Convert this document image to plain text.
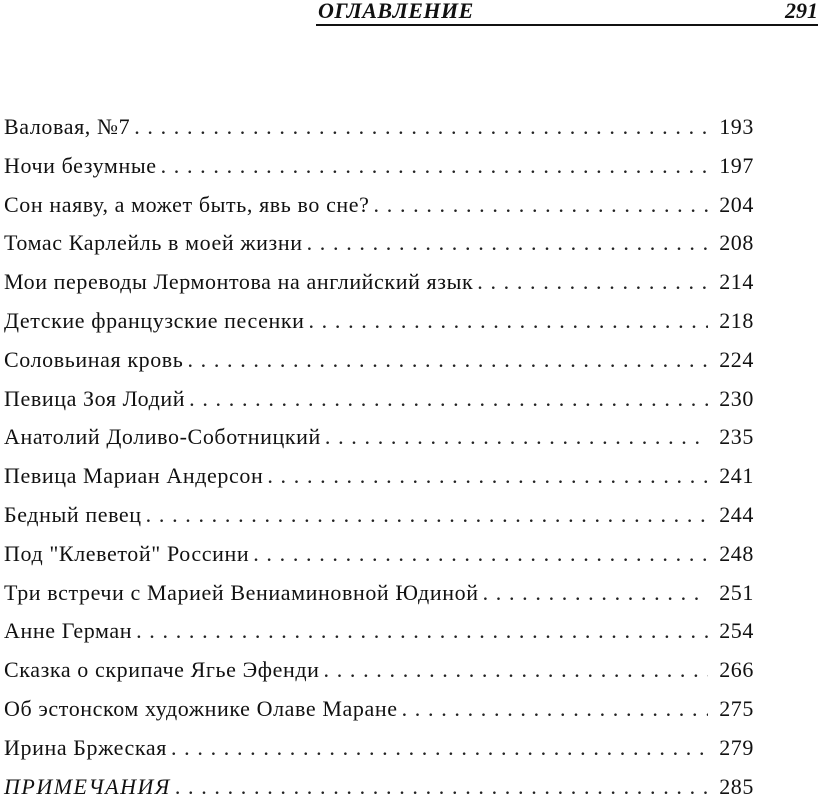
ОГЛАВЛЕНИЕ	291
Валовая, №7 . . .	193
Ночи безумные . . .	197
Сон наяву, а может быть, явь во сне? . . .	204
Томас Карлейль в моей жизни . . .	208
Мои переводы Лермонтова на английский язык . . .	214
Детские французские песенки . . .	218
Соловьиная кровь . . .	224
Певица Зоя Лодий . . .	230
Анатолий Доливо-Соботницкий . . .	235
Певица Мариан Андерсон . . .	241
Бедный певец . . .	244
Под "Клеветой" Россини . . .	248
Три встречи с Марией Вениаминовной Юдиной . . .	251
Анне Герман . . .	254
Сказка о скрипаче Ягье Эфенди . . .	266
Об эстонском художнике Олаве Маране . . .	275
Ирина Бржеская . . .	279
ПРИМЕЧАНИЯ . . .	285
